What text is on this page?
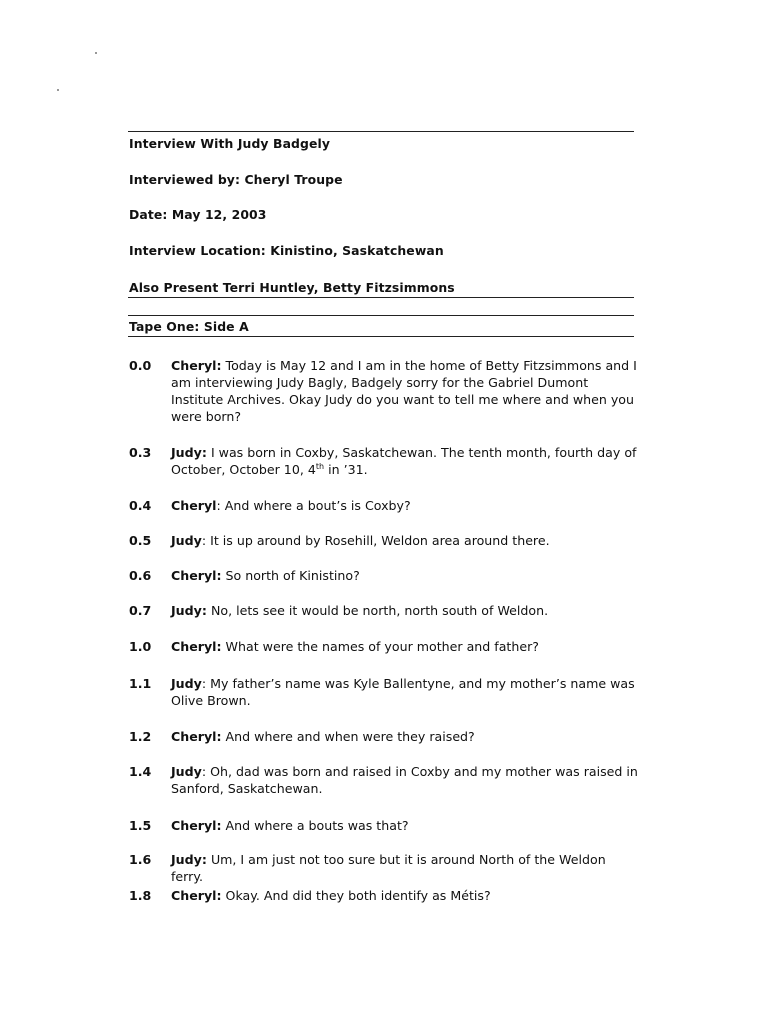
Interview With Judy Badgely
Interviewed by: Cheryl Troupe
Date: May 12, 2003
Interview Location: Kinistino, Saskatchewan
Also Present Terri Huntley, Betty Fitzsimmons
Tape One: Side A
0.0 Cheryl: Today is May 12 and I am in the home of Betty Fitzsimmons and I am interviewing Judy Bagly, Badgely sorry for the Gabriel Dumont Institute Archives. Okay Judy do you want to tell me where and when you were born?
0.3 Judy: I was born in Coxby, Saskatchewan. The tenth month, fourth day of October, October 10, 4th in ’31.
0.4 Cheryl: And where a bout’s is Coxby?
0.5 Judy: It is up around by Rosehill, Weldon area around there.
0.6 Cheryl: So north of Kinistino?
0.7 Judy: No, lets see it would be north, north south of Weldon.
1.0 Cheryl: What were the names of your mother and father?
1.1 Judy: My father’s name was Kyle Ballentyne, and my mother’s name was Olive Brown.
1.2 Cheryl: And where and when were they raised?
1.4 Judy: Oh, dad was born and raised in Coxby and my mother was raised in Sanford, Saskatchewan.
1.5 Cheryl: And where a bouts was that?
1.6 Judy: Um, I am just not too sure but it is around North of the Weldon ferry.
1.8 Cheryl: Okay. And did they both identify as Métis?
